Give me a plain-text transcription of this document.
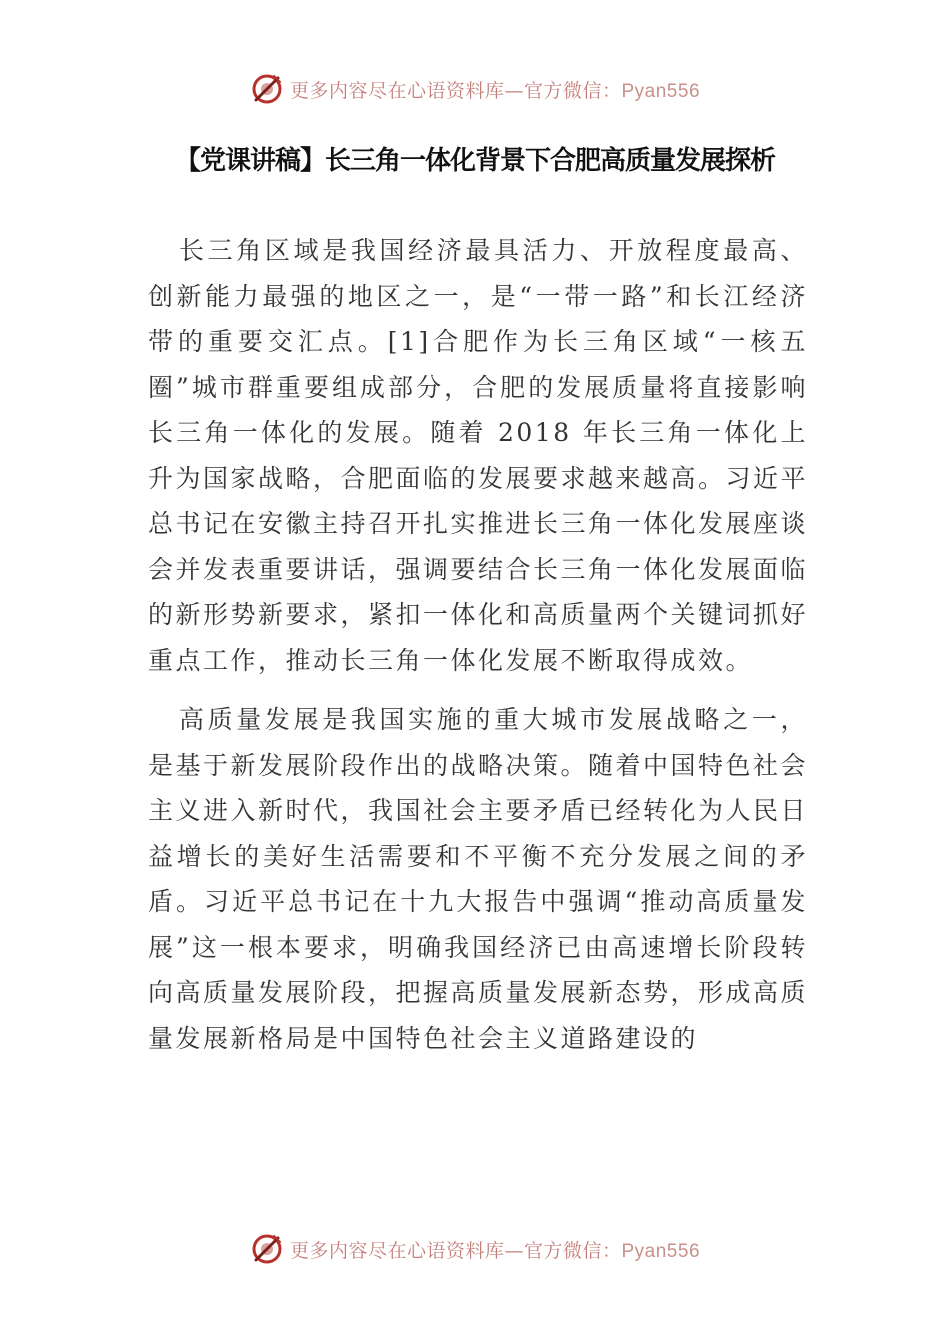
更多内容尽在心语资料库—官方微信：Pyan556
【党课讲稿】长三角一体化背景下合肥高质量发展探析

长三角区域是我国经济最具活力、开放程度最高、创新能力最强的地区之一，是“一带一路”和长江经济带的重要交汇点。[1]合肥作为长三角区域“一核五圈”城市群重要组成部分，合肥的发展质量将直接影响长三角一体化的发展。随着 2018 年长三角一体化上升为国家战略，合肥面临的发展要求越来越高。习近平总书记在安徽主持召开扎实推进长三角一体化发展座谈会并发表重要讲话，强调要结合长三角一体化发展面临的新形势新要求，紧扣一体化和高质量两个关键词抓好重点工作，推动长三角一体化发展不断取得成效。

高质量发展是我国实施的重大城市发展战略之一，是基于新发展阶段作出的战略决策。随着中国特色社会主义进入新时代，我国社会主要矛盾已经转化为人民日益增长的美好生活需要和不平衡不充分发展之间的矛盾。习近平总书记在十九大报告中强调“推动高质量发展”这一根本要求，明确我国经济已由高速增长阶段转向高质量发展阶段，把握高质量发展新态势，形成高质量发展新格局是中国特色社会主义道路建设的

更多内容尽在心语资料库—官方微信：Pyan556
